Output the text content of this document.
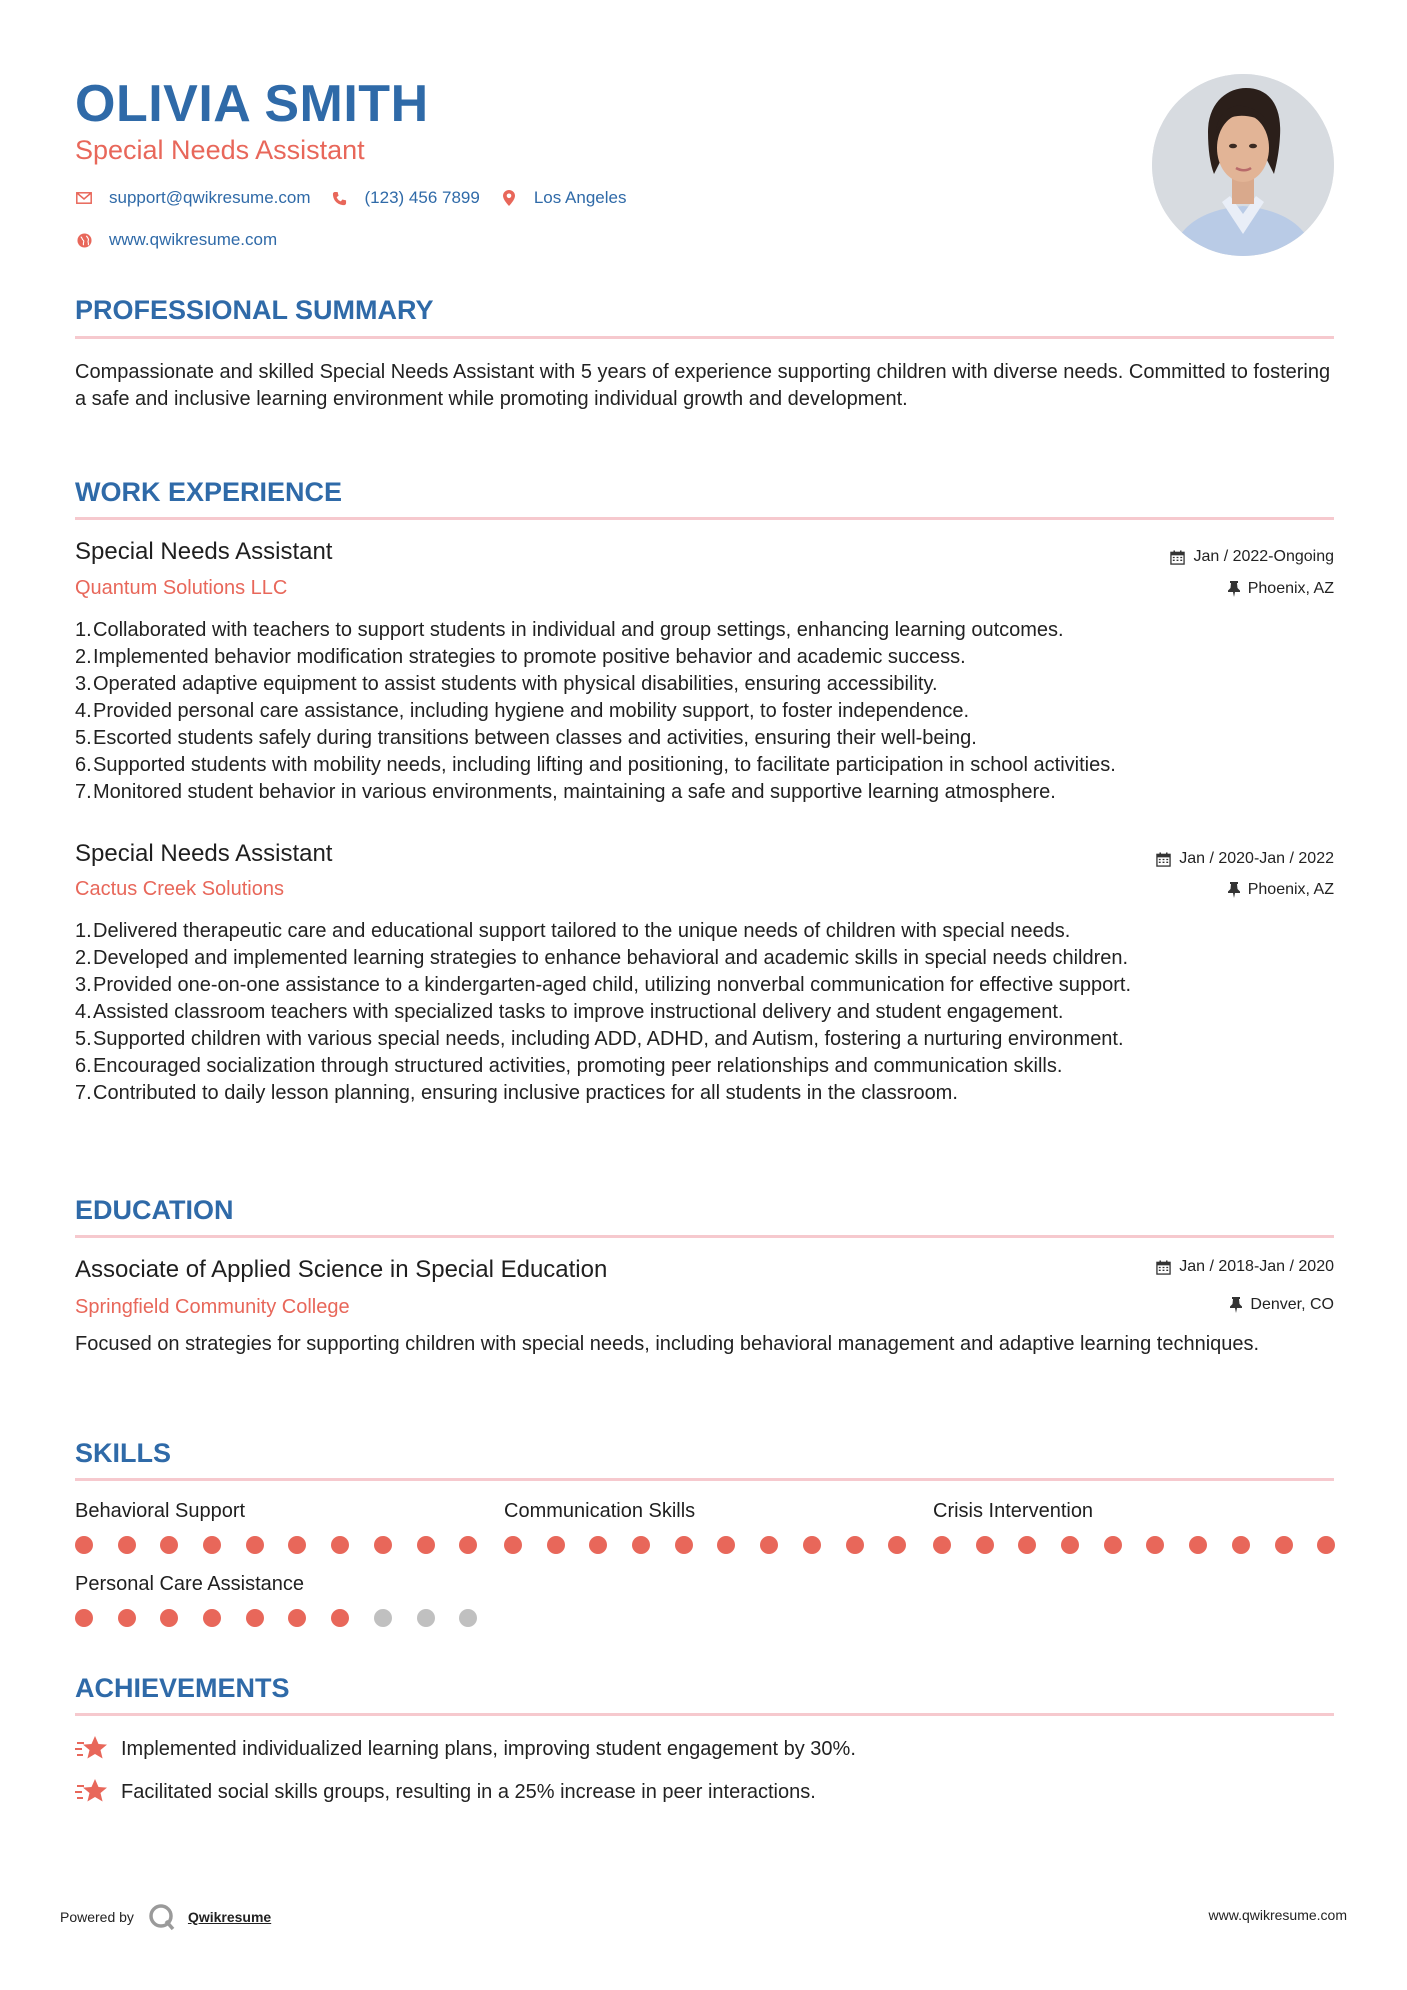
OLIVIA SMITH
Special Needs Assistant
support@qwikresume.com	(123) 456 7899	Los Angeles
www.qwikresume.com
PROFESSIONAL SUMMARY
Compassionate and skilled Special Needs Assistant with 5 years of experience supporting children with diverse needs. Committed to fostering a safe and inclusive learning environment while promoting individual growth and development.
WORK EXPERIENCE
Special Needs Assistant
Quantum Solutions LLC
Jan / 2022-Ongoing
Phoenix, AZ
1. Collaborated with teachers to support students in individual and group settings, enhancing learning outcomes.
2. Implemented behavior modification strategies to promote positive behavior and academic success.
3. Operated adaptive equipment to assist students with physical disabilities, ensuring accessibility.
4. Provided personal care assistance, including hygiene and mobility support, to foster independence.
5. Escorted students safely during transitions between classes and activities, ensuring their well-being.
6. Supported students with mobility needs, including lifting and positioning, to facilitate participation in school activities.
7. Monitored student behavior in various environments, maintaining a safe and supportive learning atmosphere.
Special Needs Assistant
Cactus Creek Solutions
Jan / 2020-Jan / 2022
Phoenix, AZ
1. Delivered therapeutic care and educational support tailored to the unique needs of children with special needs.
2. Developed and implemented learning strategies to enhance behavioral and academic skills in special needs children.
3. Provided one-on-one assistance to a kindergarten-aged child, utilizing nonverbal communication for effective support.
4. Assisted classroom teachers with specialized tasks to improve instructional delivery and student engagement.
5. Supported children with various special needs, including ADD, ADHD, and Autism, fostering a nurturing environment.
6. Encouraged socialization through structured activities, promoting peer relationships and communication skills.
7. Contributed to daily lesson planning, ensuring inclusive practices for all students in the classroom.
EDUCATION
Associate of Applied Science in Special Education
Springfield Community College
Jan / 2018-Jan / 2020
Denver, CO
Focused on strategies for supporting children with special needs, including behavioral management and adaptive learning techniques.
SKILLS
Behavioral Support	Communication Skills	Crisis Intervention
Personal Care Assistance
ACHIEVEMENTS
Implemented individualized learning plans, improving student engagement by 30%.
Facilitated social skills groups, resulting in a 25% increase in peer interactions.
Powered by	Qwikresume	www.qwikresume.com
